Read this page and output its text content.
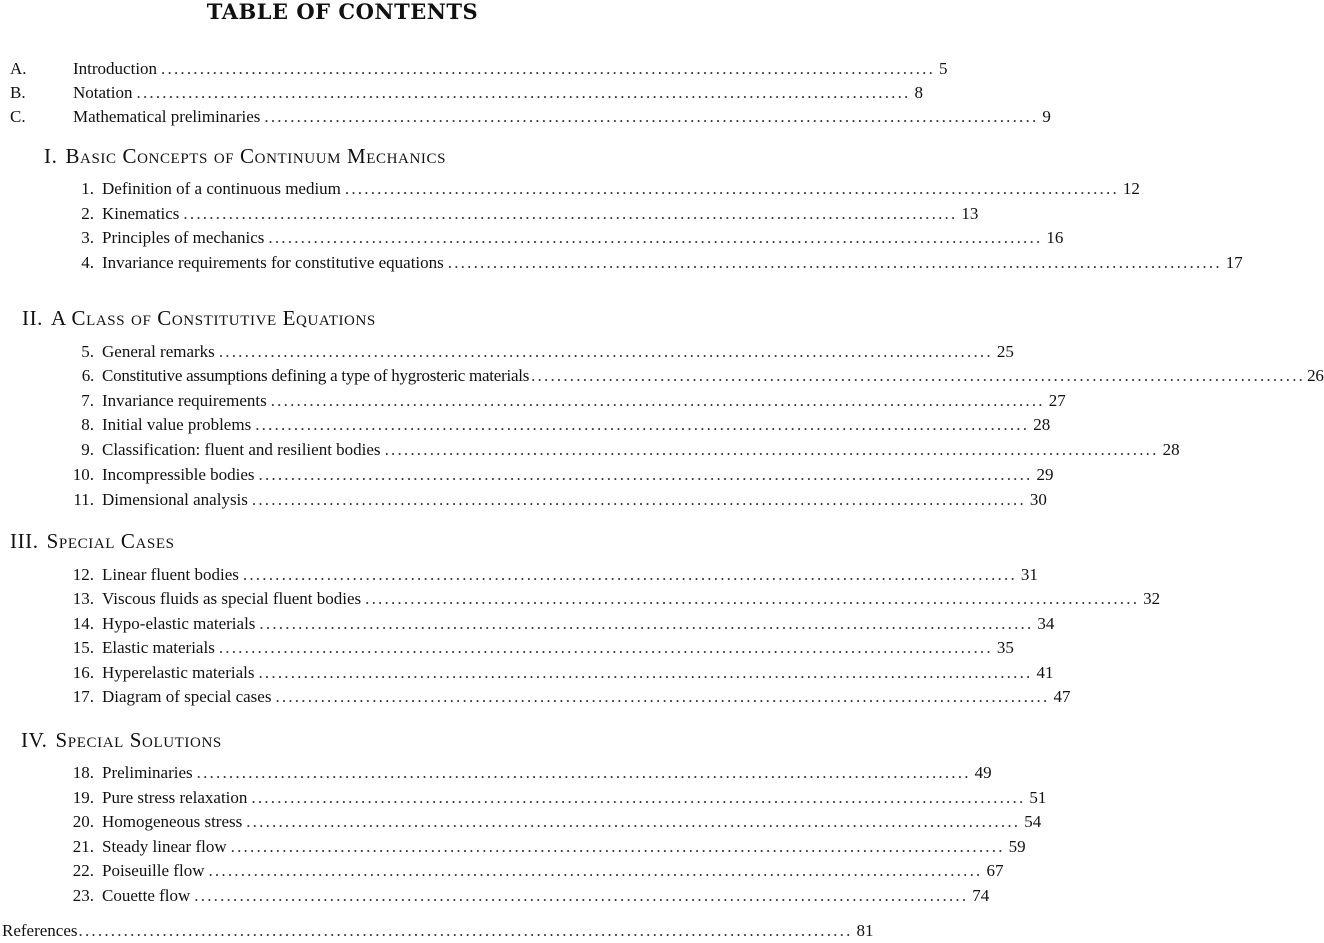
TABLE OF CONTENTS
A.	Introduction ........................................................................................................................ 5
B.	Notation ........................................................................................................................ 8
C.	Mathematical preliminaries ........................................................................................................................ 9
I. Basic Concepts of Continuum Mechanics
1. Definition of a continuous medium ........................................................................................................................ 12
2. Kinematics ........................................................................................................................ 13
3. Principles of mechanics ........................................................................................................................ 16
4. Invariance requirements for constitutive equations ........................................................................................................................ 17
II. A Class of Constitutive Equations
5. General remarks ........................................................................................................................ 25
6. Constitutive assumptions defining a type of hygrosteric materials ........................................................................................................................ 26
7. Invariance requirements ........................................................................................................................ 27
8. Initial value problems ........................................................................................................................ 28
9. Classification: fluent and resilient bodies ........................................................................................................................ 28
10. Incompressible bodies ........................................................................................................................ 29
11. Dimensional analysis ........................................................................................................................ 30
III. Special Cases
12. Linear fluent bodies ........................................................................................................................ 31
13. Viscous fluids as special fluent bodies ........................................................................................................................ 32
14. Hypo-elastic materials ........................................................................................................................ 34
15. Elastic materials ........................................................................................................................ 35
16. Hyperelastic materials ........................................................................................................................ 41
17. Diagram of special cases ........................................................................................................................ 47
IV. Special Solutions
18. Preliminaries ........................................................................................................................ 49
19. Pure stress relaxation ........................................................................................................................ 51
20. Homogeneous stress ........................................................................................................................ 54
21. Steady linear flow ........................................................................................................................ 59
22. Poiseuille flow ........................................................................................................................ 67
23. Couette flow ........................................................................................................................ 74
References ........................................................................................................................ 81
